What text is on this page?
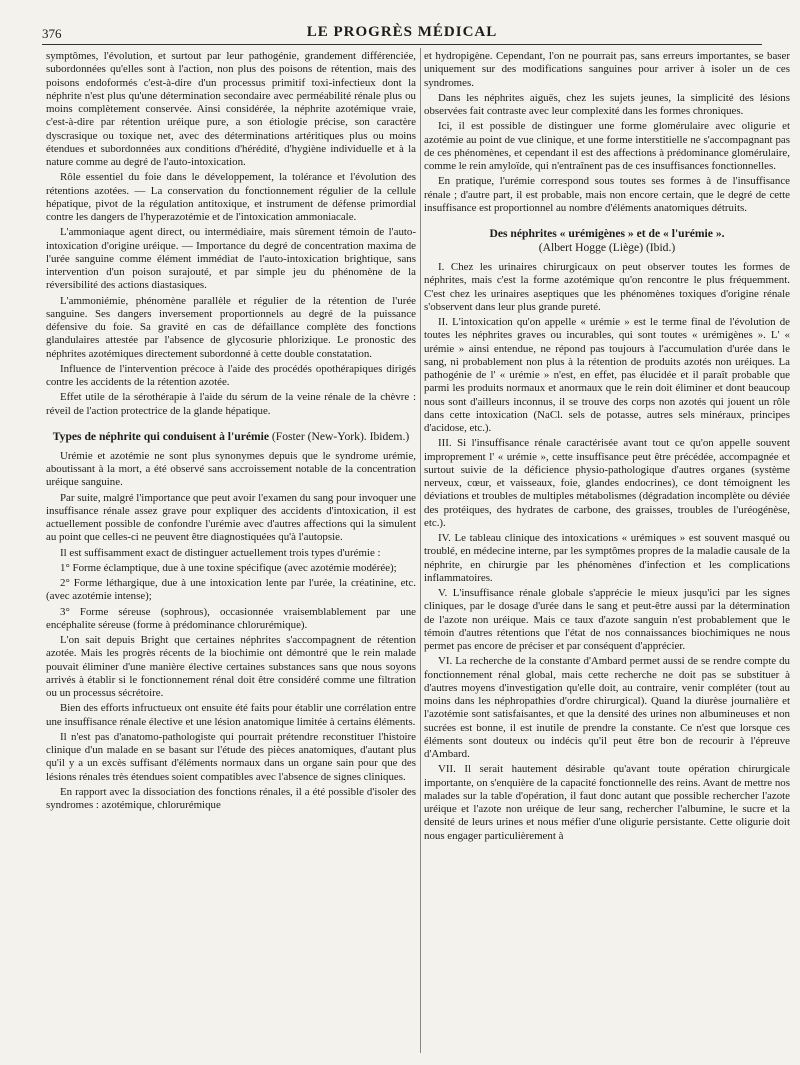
376	LE PROGRÈS MÉDICAL

symptômes, l'évolution, et surtout par leur pathogénie, grandement différenciée, subordonnées qu'elles sont à l'action, non plus des poisons de rétention, mais des poisons endoformés c'est-à-dire d'un processus primitif toxi-infectieux dont la néphrite n'est plus qu'une détermination secondaire avec perméabilité rénale plus ou moins complètement conservée. Ainsi considérée, la néphrite azotémique vraie, c'est-à-dire par rétention uréique pure, a son étiologie précise, son caractère dyscrasique ou toxique net, avec des déterminations artéritiques plus ou moins étendues et subordonnées aux conditions d'hérédité, d'hygiène individuelle et à la nature comme au degré de l'auto-intoxication.

Rôle essentiel du foie dans le développement, la tolérance et l'évolution des rétentions azotées. — La conservation du fonctionnement régulier de la cellule hépatique, pivot de la régulation antitoxique, et instrument de défense primordial contre les dangers de l'hyperazotémie et de l'intoxication ammoniacale.

L'ammoniaque agent direct, ou intermédiaire, mais sûrement témoin de l'auto-intoxication d'origine uréique. — Importance du degré de concentration maxima de l'urée sanguine comme élément immédiat de l'auto-intoxication brightique, sans intervention d'un poison surajouté, et par simple jeu du phénomène de la réversibilité des actions diastasiques.

L'ammoniémie, phénomène parallèle et régulier de la rétention de l'urée sanguine. Ses dangers inversement proportionnels au degré de la puissance défensive du foie. Sa gravité en cas de défaillance complète des fonctions glandulaires attestée par l'absence de glycosurie phlorizique. Le pronostic des néphrites azotémiques directement subordonné à cette double constatation.

Influence de l'intervention précoce à l'aide des procédés opothérapiques dirigés contre les accidents de la rétention azotée.

Effet utile de la sérothérapie à l'aide du sérum de la veine rénale de la chèvre : réveil de l'action protectrice de la glande hépatique.

Types de néphrite qui conduisent à l'urémie (Foster (New-York). Ibidem.)

Urémie et azotémie ne sont plus synonymes depuis que le syndrome urémie, aboutissant à la mort, a été observé sans accroissement notable de la concentration uréique sanguine.

Par suite, malgré l'importance que peut avoir l'examen du sang pour invoquer une insuffisance rénale assez grave pour expliquer des accidents d'intoxication, il est actuellement possible de confondre l'urémie avec d'autres affections qui la simulent au point que celles-ci ne peuvent être diagnostiquées qu'à l'autopsie.

Il est suffisamment exact de distinguer actuellement trois types d'urémie :

1° Forme éclamptique, due à une toxine spécifique (avec azotémie modérée);

2° Forme léthargique, due à une intoxication lente par l'urée, la créatinine, etc. (avec azotémie intense);

3° Forme séreuse (sophrous), occasionnée vraisemblablement par une encéphalite séreuse (forme à prédominance chlorurémique).

L'on sait depuis Bright que certaines néphrites s'accompagnent de rétention azotée. Mais les progrès récents de la biochimie ont démontré que le rein malade pouvait éliminer d'une manière élective certaines substances sans que nous soyons arrivés à établir si le fonctionnement rénal doit être considéré comme une filtration ou un processus sécrétoire.

Bien des efforts infructueux ont ensuite été faits pour établir une corrélation entre une insuffisance rénale élective et une lésion anatomique limitée à certains éléments.

Il n'est pas d'anatomo-pathologiste qui pourrait prétendre reconstituer l'histoire clinique d'un malade en se basant sur l'étude des pièces anatomiques, d'autant plus qu'il y a un excès suffisant d'éléments normaux dans un organe sain pour que des lésions rénales très étendues soient compatibles avec l'absence de signes cliniques.

En rapport avec la dissociation des fonctions rénales, il a été possible d'isoler des syndromes : azotémique, chlorurémique

et hydropigène. Cependant, l'on ne pourrait pas, sans erreurs importantes, se baser uniquement sur des modifications sanguines pour arriver à isoler un de ces syndromes.

Dans les néphrites aiguës, chez les sujets jeunes, la simplicité des lésions observées fait contraste avec leur complexité dans les formes chroniques.

Ici, il est possible de distinguer une forme glomérulaire avec oligurie et azotémie au point de vue clinique, et une forme interstitielle ne s'accompagnant pas de ces phénomènes, et cependant il est des affections à prédominance glomérulaire, comme le rein amyloïde, qui n'entraînent pas de ces insuffisances fonctionnelles.

En pratique, l'urémie correspond sous toutes ses formes à de l'insuffisance rénale ; d'autre part, il est probable, mais non encore certain, que le degré de cette insuffisance est proportionnel au nombre d'éléments anatomiques détruits.

Des néphrites « urémigènes » et de « l'urémie ».
(Albert Hogge (Liège) (Ibid.)

I. Chez les urinaires chirurgicaux on peut observer toutes les formes de néphrites, mais c'est la forme azotémique qu'on rencontre le plus fréquemment. C'est chez les urinaires aseptiques que les phénomènes toxiques d'origine rénale s'observent dans leur plus grande pureté.

II. L'intoxication qu'on appelle « urémie » est le terme final de l'évolution de toutes les néphrites graves ou incurables, qui sont toutes « urémigènes ». L' « urémie » ainsi entendue, ne répond pas toujours à l'accumulation d'urée dans le sang, ni probablement non plus à la rétention de produits azotés non uréiques. La pathogénie de l' « urémie » n'est, en effet, pas élucidée et il paraît probable que parmi les produits normaux et anormaux que le rein doit éliminer et dont beaucoup nous sont d'ailleurs inconnus, il se trouve des corps non azotés qui jouent un rôle dans cette intoxication (NaCl. sels de potasse, autres sels minéraux, principes d'acidose, etc.).

III. Si l'insuffisance rénale caractérisée avant tout ce qu'on appelle souvent improprement l' « urémie », cette insuffisance peut être précédée, accompagnée et surtout suivie de la déficience physio-pathologique d'autres organes (système nerveux, cœur, et vaisseaux, foie, glandes endocrines), ce dont témoignent les déviations et troubles de multiples métabolismes (dégradation incomplète ou déviée des protéiques, des hydrates de carbone, des graisses, troubles de l'uréogénèse, etc.).

IV. Le tableau clinique des intoxications « urémiques » est souvent masqué ou troublé, en médecine interne, par les symptômes propres de la maladie causale de la néphrite, en chirurgie par les phénomènes d'infection et les complications inflammatoires.

V. L'insuffisance rénale globale s'apprécie le mieux jusqu'ici par les signes cliniques, par le dosage d'urée dans le sang et peut-être aussi par la détermination de l'azote non uréique. Mais ce taux d'azote sanguin n'est probablement que le témoin d'autres rétentions que l'état de nos connaissances biochimiques ne nous permet pas encore de préciser et par conséquent d'apprécier.

VI. La recherche de la constante d'Ambard permet aussi de se rendre compte du fonctionnement rénal global, mais cette recherche ne doit pas se substituer à d'autres moyens d'investigation qu'elle doit, au contraire, venir compléter (tout au moins dans les néphropathies d'ordre chirurgical). Quand la diurèse journalière et l'azotémie sont satisfaisantes, et que la densité des urines non albumineuses et non sucrées est bonne, il est inutile de prendre la constante. Ce n'est que lorsque ces éléments sont douteux ou indécis qu'il peut être bon de recourir à l'épreuve d'Ambard.

VII. Il serait hautement désirable qu'avant toute opération chirurgicale importante, on s'enquière de la capacité fonctionnelle des reins. Avant de mettre nos malades sur la table d'opération, il faut donc autant que possible rechercher l'azote uréique et l'azote non uréique de leur sang, rechercher l'albumine, le sucre et la densité de leurs urines et nous méfier d'une oligurie persistante. Cette oligurie doit nous engager particulièrement à
